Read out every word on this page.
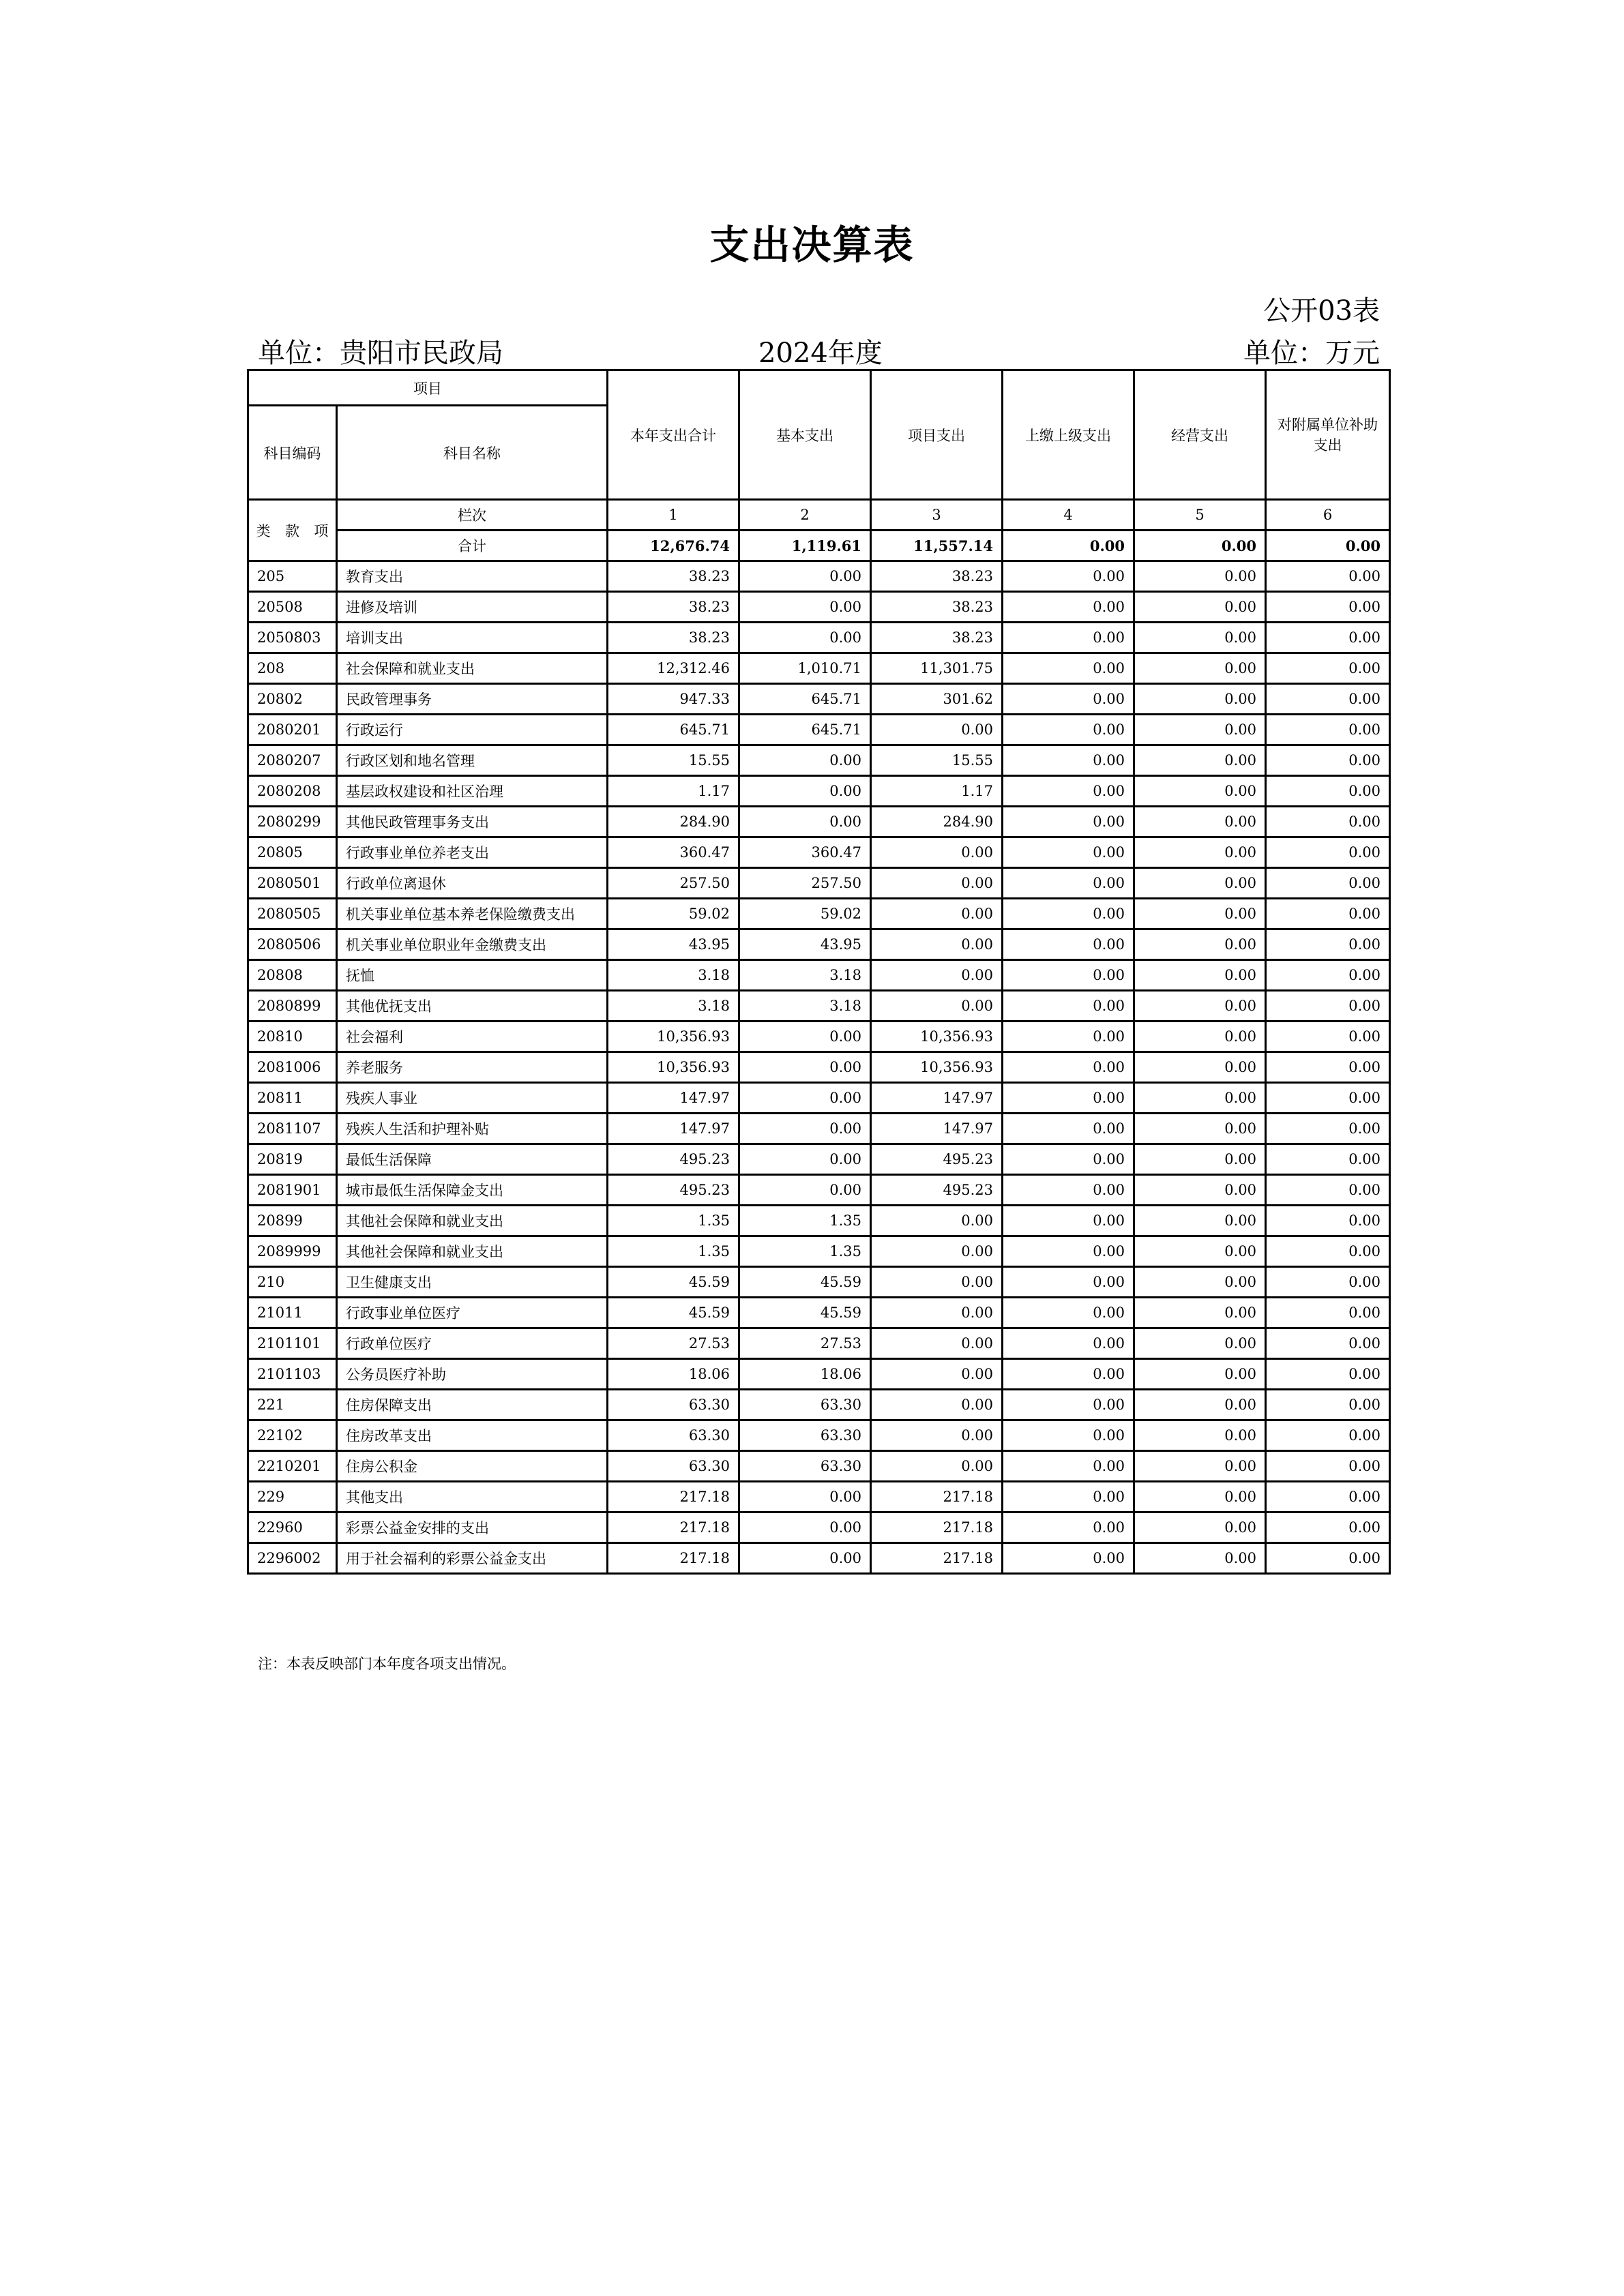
支出决算表
公开03表
单位：贵阳市民政局	2024年度	单位：万元
项目		本年支出合计	基本支出	项目支出	上缴上级支出	经营支出	对附属单位补助支出
科目编码	科目名称						

类 款 项	栏次	1	2	3	4	5	6
	合计	12,676.74	1,119.61	11,557.14	0.00	0.00	0.00
205	教育支出	38.23	0.00	38.23	0.00	0.00	0.00
20508	进修及培训	38.23	0.00	38.23	0.00	0.00	0.00
2050803	培训支出	38.23	0.00	38.23	0.00	0.00	0.00
208	社会保障和就业支出	12,312.46	1,010.71	11,301.75	0.00	0.00	0.00
20802	民政管理事务	947.33	645.71	301.62	0.00	0.00	0.00
2080201	行政运行	645.71	645.71	0.00	0.00	0.00	0.00
2080207	行政区划和地名管理	15.55	0.00	15.55	0.00	0.00	0.00
2080208	基层政权建设和社区治理	1.17	0.00	1.17	0.00	0.00	0.00
2080299	其他民政管理事务支出	284.90	0.00	284.90	0.00	0.00	0.00
20805	行政事业单位养老支出	360.47	360.47	0.00	0.00	0.00	0.00
2080501	行政单位离退休	257.50	257.50	0.00	0.00	0.00	0.00
2080505	机关事业单位基本养老保险缴费支出	59.02	59.02	0.00	0.00	0.00	0.00
2080506	机关事业单位职业年金缴费支出	43.95	43.95	0.00	0.00	0.00	0.00
20808	抚恤	3.18	3.18	0.00	0.00	0.00	0.00
2080899	其他优抚支出	3.18	3.18	0.00	0.00	0.00	0.00
20810	社会福利	10,356.93	0.00	10,356.93	0.00	0.00	0.00
2081006	养老服务	10,356.93	0.00	10,356.93	0.00	0.00	0.00
20811	残疾人事业	147.97	0.00	147.97	0.00	0.00	0.00
2081107	残疾人生活和护理补贴	147.97	0.00	147.97	0.00	0.00	0.00
20819	最低生活保障	495.23	0.00	495.23	0.00	0.00	0.00
2081901	城市最低生活保障金支出	495.23	0.00	495.23	0.00	0.00	0.00
20899	其他社会保障和就业支出	1.35	1.35	0.00	0.00	0.00	0.00
2089999	其他社会保障和就业支出	1.35	1.35	0.00	0.00	0.00	0.00
210	卫生健康支出	45.59	45.59	0.00	0.00	0.00	0.00
21011	行政事业单位医疗	45.59	45.59	0.00	0.00	0.00	0.00
2101101	行政单位医疗	27.53	27.53	0.00	0.00	0.00	0.00
2101103	公务员医疗补助	18.06	18.06	0.00	0.00	0.00	0.00
221	住房保障支出	63.30	63.30	0.00	0.00	0.00	0.00
22102	住房改革支出	63.30	63.30	0.00	0.00	0.00	0.00
2210201	住房公积金	63.30	63.30	0.00	0.00	0.00	0.00
229	其他支出	217.18	0.00	217.18	0.00	0.00	0.00
22960	彩票公益金安排的支出	217.18	0.00	217.18	0.00	0.00	0.00
2296002	用于社会福利的彩票公益金支出	217.18	0.00	217.18	0.00	0.00	0.00
注：本表反映部门本年度各项支出情况。
